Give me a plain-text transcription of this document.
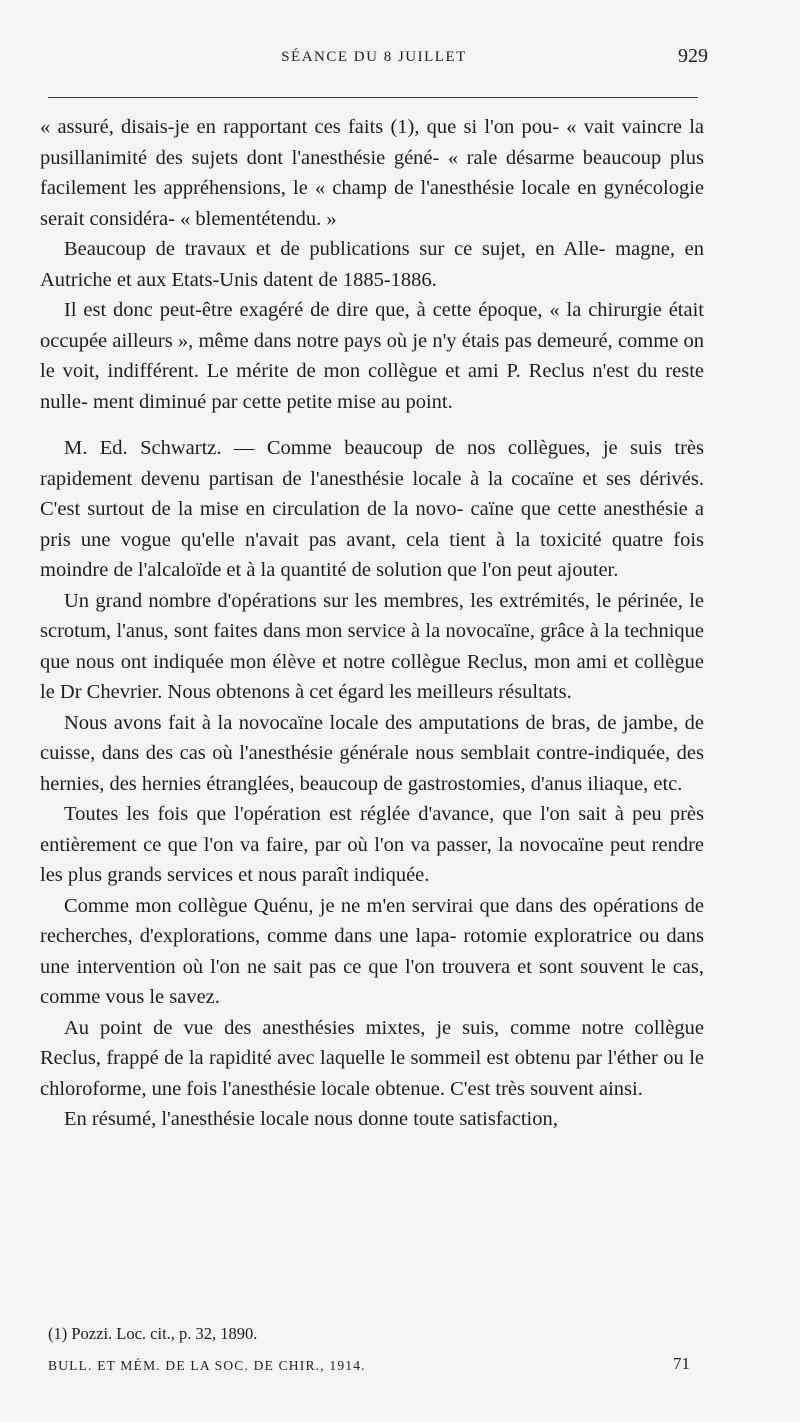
SÉANCE DU 8 JUILLET	929

« assuré, disais-je en rapportant ces faits (1), que si l'on pou- « vait vaincre la pusillanimité des sujets dont l'anesthésie géné- « rale désarme beaucoup plus facilement les appréhensions, le « champ de l'anesthésie locale en gynécologie serait considéra- « blementétendu. »

Beaucoup de travaux et de publications sur ce sujet, en Alle- magne, en Autriche et aux Etats-Unis datent de 1885-1886.

Il est donc peut-être exagéré de dire que, à cette époque, « la chirurgie était occupée ailleurs », même dans notre pays où je n'y étais pas demeuré, comme on le voit, indifférent. Le mérite de mon collègue et ami P. Reclus n'est du reste nulle- ment diminué par cette petite mise au point.

M. Ed. Schwartz. — Comme beaucoup de nos collègues, je suis très rapidement devenu partisan de l'anesthésie locale à la cocaïne et ses dérivés. C'est surtout de la mise en circulation de la novo- caïne que cette anesthésie a pris une vogue qu'elle n'avait pas avant, cela tient à la toxicité quatre fois moindre de l'alcaloïde et à la quantité de solution que l'on peut ajouter.

Un grand nombre d'opérations sur les membres, les extrémités, le périnée, le scrotum, l'anus, sont faites dans mon service à la novocaïne, grâce à la technique que nous ont indiquée mon élève et notre collègue Reclus, mon ami et collègue le Dr Chevrier. Nous obtenons à cet égard les meilleurs résultats.

Nous avons fait à la novocaïne locale des amputations de bras, de jambe, de cuisse, dans des cas où l'anesthésie générale nous semblait contre-indiquée, des hernies, des hernies étranglées, beaucoup de gastrostomies, d'anus iliaque, etc.

Toutes les fois que l'opération est réglée d'avance, que l'on sait à peu près entièrement ce que l'on va faire, par où l'on va passer, la novocaïne peut rendre les plus grands services et nous paraît indiquée.

Comme mon collègue Quénu, je ne m'en servirai que dans des opérations de recherches, d'explorations, comme dans une lapa- rotomie exploratrice ou dans une intervention où l'on ne sait pas ce que l'on trouvera et sont souvent le cas, comme vous le savez.

Au point de vue des anesthésies mixtes, je suis, comme notre collègue Reclus, frappé de la rapidité avec laquelle le sommeil est obtenu par l'éther ou le chloroforme, une fois l'anesthésie locale obtenue. C'est très souvent ainsi.

En résumé, l'anesthésie locale nous donne toute satisfaction,

(1) Pozzi. Loc. cit., p. 32, 1890.
BULL. ET MÉM. DE LA SOC. DE CHIR., 1914.	71
